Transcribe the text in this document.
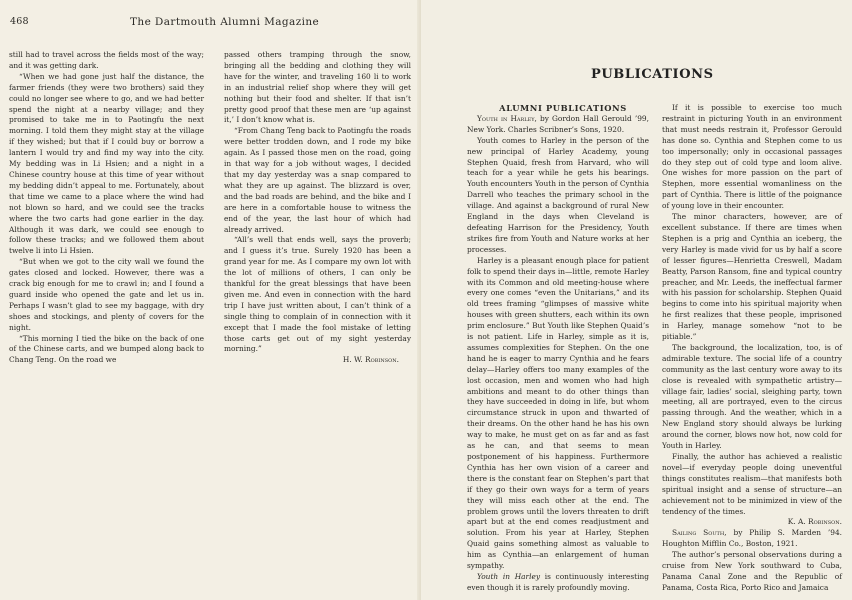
468	The Dartmouth Alumni Magazine

still had to travel across the fields most of the way; and it was getting dark.

“When we had gone just half the distance, the farmer friends (they were two brothers) said they could no longer see where to go, and we had better spend the night at a nearby village; and they promised to take me in to Paotingfu the next morning. I told them they might stay at the village if they wished; but that if I could buy or borrow a lantern I would try and find my way into the city. My bedding was in Li Hsien; and a night in a Chinese country house at this time of year without my bedding didn’t appeal to me. Fortunately, about that time we came to a place where the wind had not blown so hard, and we could see the tracks where the two carts had gone earlier in the day. Although it was dark, we could see enough to follow these tracks; and we followed them about twelve li into Li Hsien.

“But when we got to the city wall we found the gates closed and locked. However, there was a crack big enough for me to crawl in; and I found a guard inside who opened the gate and let us in. Perhaps I wasn’t glad to see my baggage, with dry shoes and stockings, and plenty of covers for the night.

“This morning I tied the bike on the back of one of the Chinese carts, and we bumped along back to Chang Teng. On the road we

passed others tramping through the snow, bringing all the bedding and clothing they will have for the winter, and traveling 160 li to work in an industrial relief shop where they will get nothing but their food and shelter. If that isn’t pretty good proof that these men are ‘up against it,’ I don’t know what is.

“From Chang Teng back to Paotingfu the roads were better trodden down, and I rode my bike again. As I passed those men on the road, going in that way for a job without wages, I decided that my day yesterday was a snap compared to what they are up against. The blizzard is over, and the bad roads are behind, and the bike and I are here in a comfortable house to witness the end of the year, the last hour of which had already arrived.

“All’s well that ends well, says the proverb; and I guess it’s true. Surely 1920 has been a grand year for me. As I compare my own lot with the lot of millions of others, I can only be thankful for the great blessings that have been given me. And even in connection with the hard trip I have just written about, I can’t think of a single thing to complain of in connection with it except that I made the fool mistake of letting those carts get out of my sight yesterday morning.”

H. W. Robinson.

PUBLICATIONS

ALUMNI PUBLICATIONS

Youth in Harley, by Gordon Hall Gerould ’99, New York. Charles Scribner’s Sons, 1920.

Youth comes to Harley in the person of the new principal of Harley Academy, young Stephen Quaid, fresh from Harvard, who will teach for a year while he gets his bearings. Youth encounters Youth in the person of Cynthia Darrell who teaches the primary school in the village. And against a background of rural New England in the days when Cleveland is defeating Harrison for the Presidency, Youth strikes fire from Youth and Nature works at her processes.

Harley is a pleasant enough place for patient folk to spend their days in—little, remote Harley with its Common and old meeting-house where every one comes “even the Unitarians,” and its old trees framing “glimpses of massive white houses with green shutters, each within its own prim enclosure.” But Youth like Stephen Quaid’s is not patient. Life in Harley, simple as it is, assumes complexities for Stephen. On the one hand he is eager to marry Cynthia and he fears delay—Harley offers too many examples of the lost occasion, men and women who had high ambitions and meant to do other things than they have succeeded in doing in life, but whom circumstance struck in upon and thwarted of their dreams. On the other hand he has his own way to make, he must get on as far and as fast as he can, and that seems to mean postponement of his happiness. Furthermore Cynthia has her own vision of a career and there is the constant fear on Stephen’s part that if they go their own ways for a term of years they will miss each other at the end. The problem grows until the lovers threaten to drift apart but at the end comes readjustment and solution. From his year at Harley, Stephen Quaid gains something almost as valuable to him as Cynthia—an enlargement of human sympathy.

Youth in Harley is continuously interesting even though it is rarely profoundly moving.

If it is possible to exercise too much restraint in picturing Youth in an environment that must needs restrain it, Professor Gerould has done so. Cynthia and Stephen come to us too impersonally; only in occasional passages do they step out of cold type and loom alive. One wishes for more passion on the part of Stephen, more essential womanliness on the part of Cynthia. There is little of the poignance of young love in their encounter.

The minor characters, however, are of excellent substance. If there are times when Stephen is a prig and Cynthia an iceberg, the very Harley is made vivid for us by half a score of lesser figures—Henrietta Creswell, Madam Beatty, Parson Ransom, fine and typical country preacher, and Mr. Leeds, the ineffectual farmer with his passion for scholarship. Stephen Quaid begins to come into his spiritual majority when he first realizes that these people, imprisoned in Harley, manage somehow “not to be pitiable.”

The background, the localization, too, is of admirable texture. The social life of a country community as the last century wore away to its close is revealed with sympathetic artistry—village fair, ladies’ social, sleighing party, town meeting, all are portrayed, even to the circus passing through. And the weather, which in a New England story should always be lurking around the corner, blows now hot, now cold for Youth in Harley.

Finally, the author has achieved a realistic novel—if everyday people doing uneventful things constitutes realism—that manifests both spiritual insight and a sense of structure—an achievement not to be minimized in view of the tendency of the times.

K. A. Robinson.

Sailing South, by Philip S. Marden ’94. Houghton Mifflin Co., Boston, 1921.

The author’s personal observations during a cruise from New York southward to Cuba, Panama Canal Zone and the Republic of Panama, Costa Rica, Porto Rico and Jamaica
